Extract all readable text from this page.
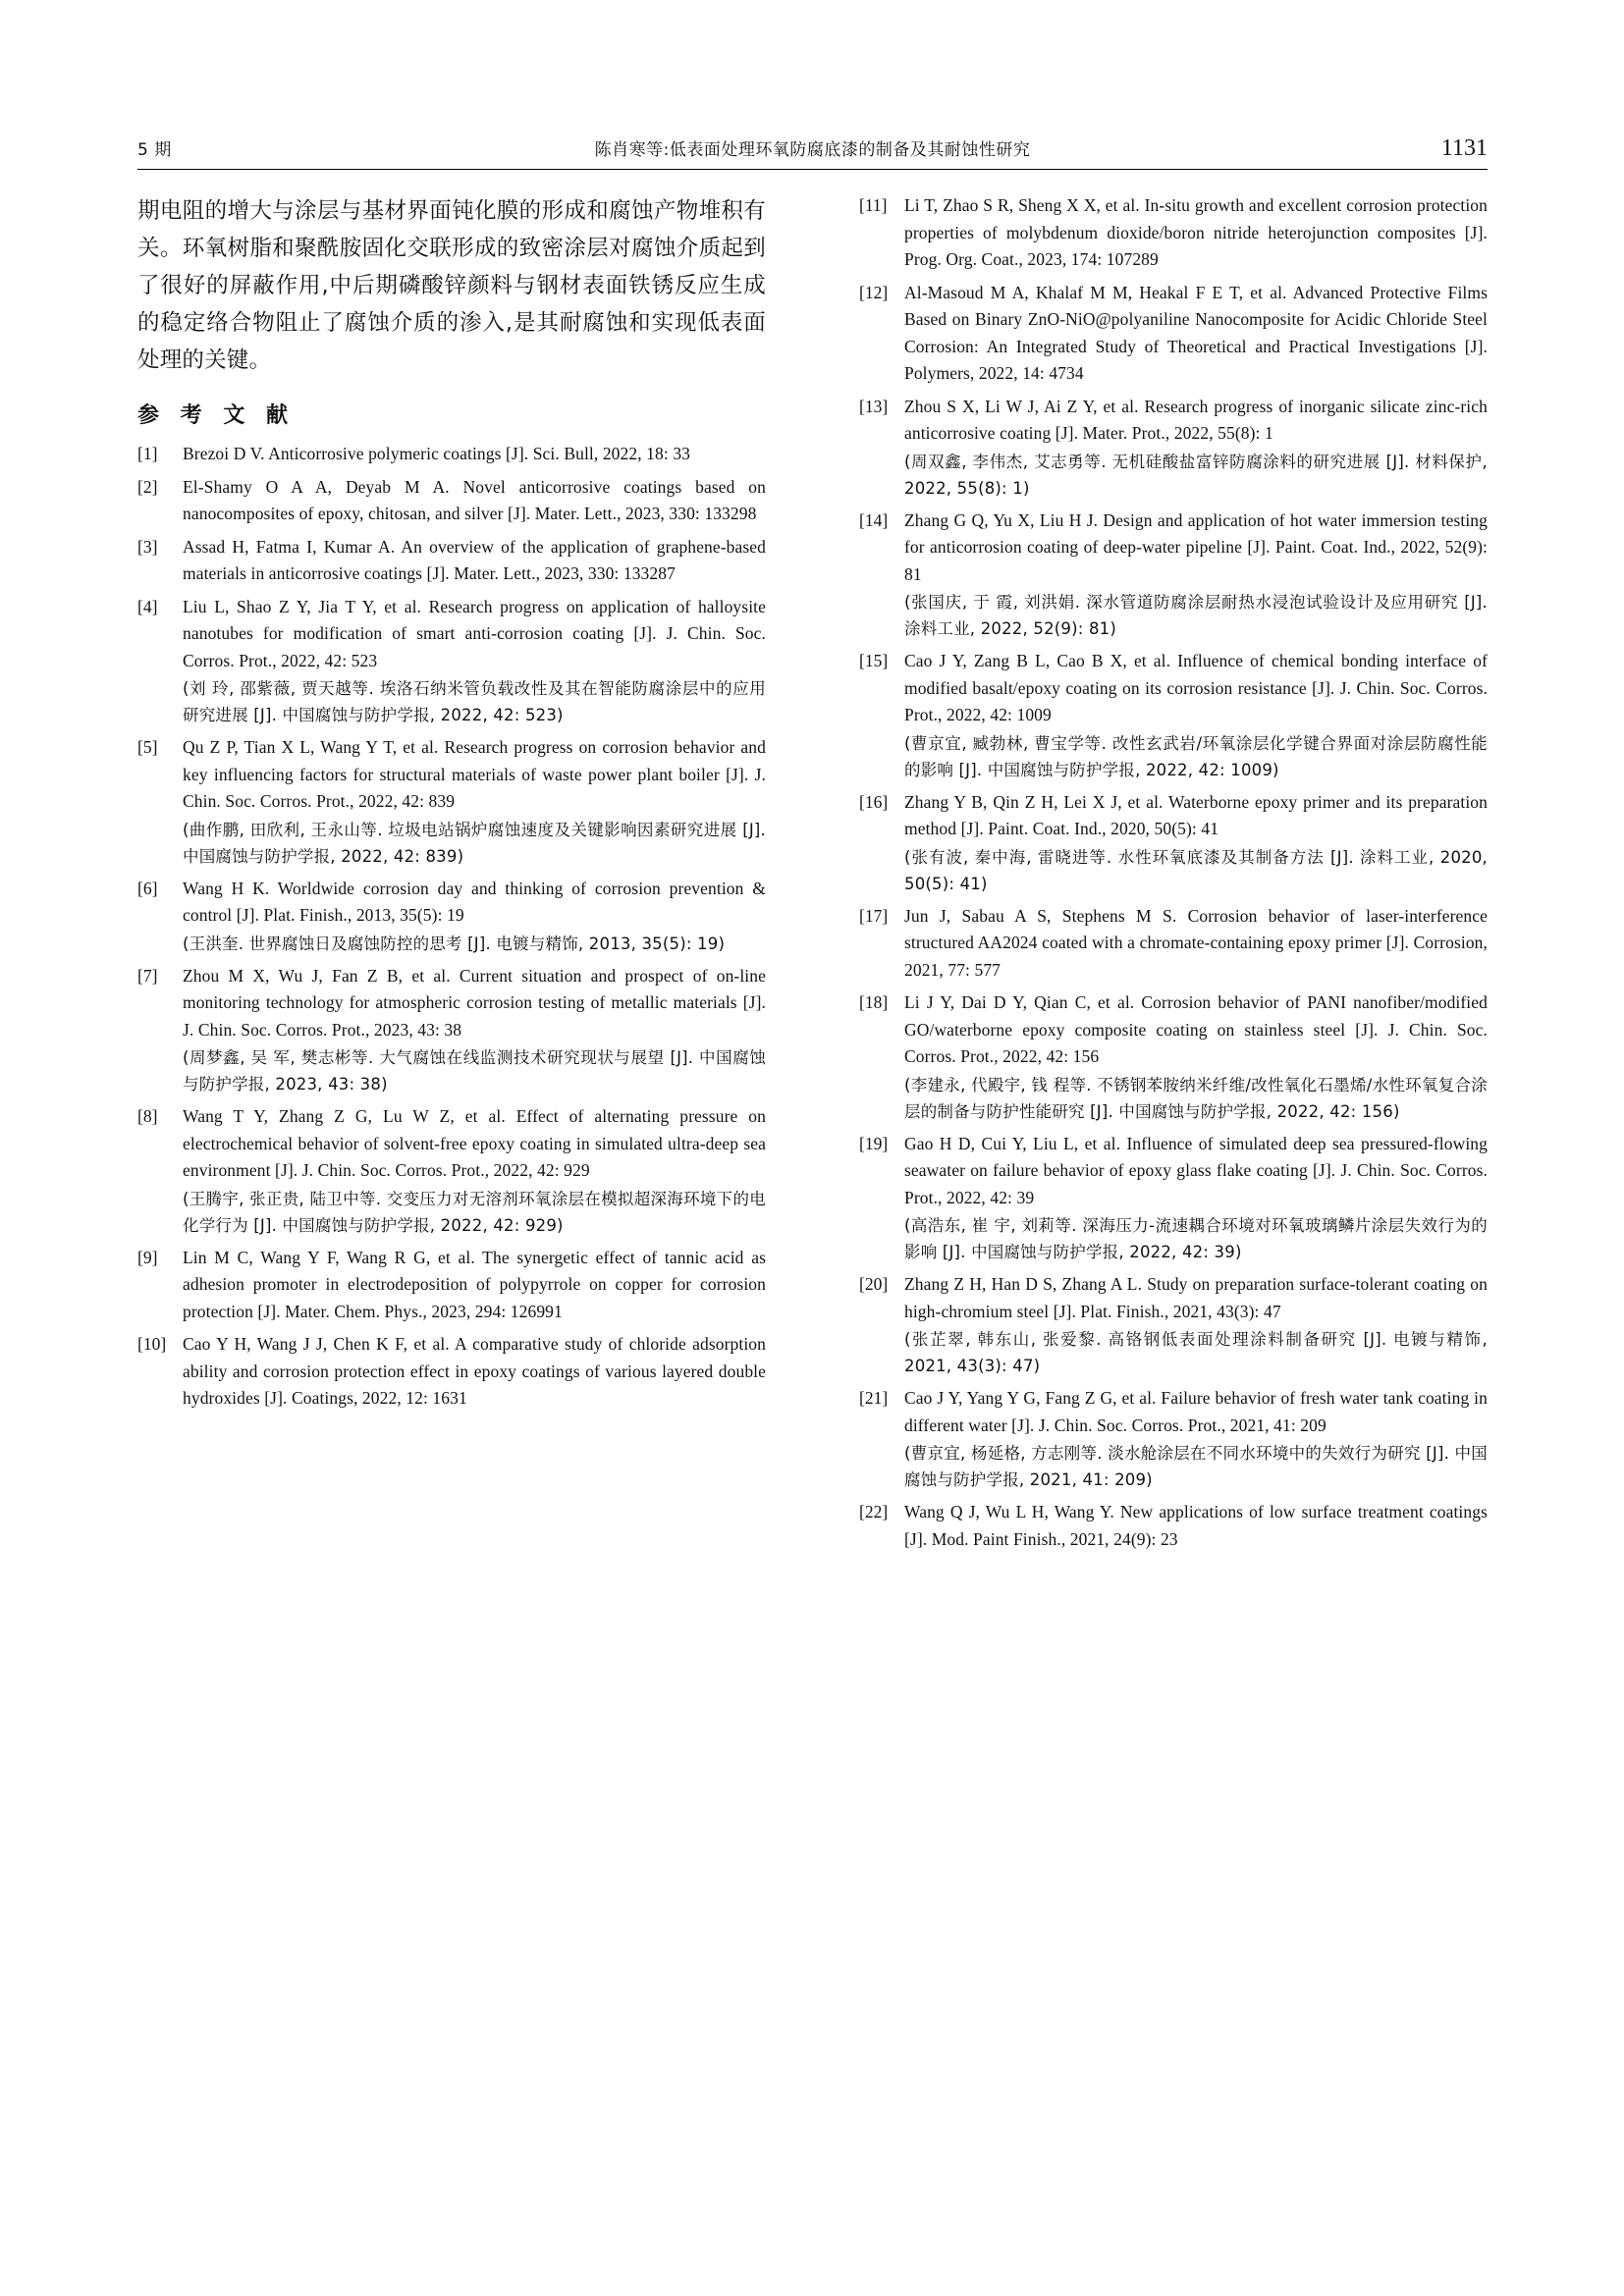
5 期	陈肖寒等:低表面处理环氧防腐底漆的制备及其耐蚀性研究	1131

期电阻的增大与涂层与基材界面钝化膜的形成和腐蚀产物堆积有关。环氧树脂和聚酰胺固化交联形成的致密涂层对腐蚀介质起到了很好的屏蔽作用,中后期磷酸锌颜料与钢材表面铁锈反应生成的稳定络合物阻止了腐蚀介质的渗入,是其耐腐蚀和实现低表面处理的关键。

参 考 文 献
[1]	Brezoi D V. Anticorrosive polymeric coatings [J]. Sci. Bull, 2022, 18: 33
[2]	El-Shamy O A A, Deyab M A. Novel anticorrosive coatings based on nanocomposites of epoxy, chitosan, and silver [J]. Mater. Lett., 2023, 330: 133298
[3]	Assad H, Fatma I, Kumar A. An overview of the application of graphene-based materials in anticorrosive coatings [J]. Mater. Lett., 2023, 330: 133287
[4]	Liu L, Shao Z Y, Jia T Y, et al. Research progress on application of halloysite nanotubes for modification of smart anti-corrosion coating [J]. J. Chin. Soc. Corros. Prot., 2022, 42: 523
(刘 玲, 邵紫薇, 贾天越等. 埃洛石纳米管负载改性及其在智能防腐涂层中的应用研究进展 [J]. 中国腐蚀与防护学报, 2022, 42: 523)
[5]	Qu Z P, Tian X L, Wang Y T, et al. Research progress on corrosion behavior and key influencing factors for structural materials of waste power plant boiler [J]. J. Chin. Soc. Corros. Prot., 2022, 42: 839
(曲作鹏, 田欣利, 王永山等. 垃圾电站锅炉腐蚀速度及关键影响因素研究进展 [J]. 中国腐蚀与防护学报, 2022, 42: 839)
[6]	Wang H K. Worldwide corrosion day and thinking of corrosion prevention & control [J]. Plat. Finish., 2013, 35(5): 19
(王洪奎. 世界腐蚀日及腐蚀防控的思考 [J]. 电镀与精饰, 2013, 35(5): 19)
[7]	Zhou M X, Wu J, Fan Z B, et al. Current situation and prospect of on-line monitoring technology for atmospheric corrosion testing of metallic materials [J]. J. Chin. Soc. Corros. Prot., 2023, 43: 38
(周梦鑫, 吴 军, 樊志彬等. 大气腐蚀在线监测技术研究现状与展望 [J]. 中国腐蚀与防护学报, 2023, 43: 38)
[8]	Wang T Y, Zhang Z G, Lu W Z, et al. Effect of alternating pressure on electrochemical behavior of solvent-free epoxy coating in simulated ultra-deep sea environment [J]. J. Chin. Soc. Corros. Prot., 2022, 42: 929
(王腾宇, 张正贵, 陆卫中等. 交变压力对无溶剂环氧涂层在模拟超深海环境下的电化学行为 [J]. 中国腐蚀与防护学报, 2022, 42: 929)
[9]	Lin M C, Wang Y F, Wang R G, et al. The synergetic effect of tannic acid as adhesion promoter in electrodeposition of polypyrrole on copper for corrosion protection [J]. Mater. Chem. Phys., 2023, 294: 126991
[10] Cao Y H, Wang J J, Chen K F, et al. A comparative study of chloride adsorption ability and corrosion protection effect in epoxy coatings of various layered double hydroxides [J]. Coatings, 2022, 12: 1631
[11] Li T, Zhao S R, Sheng X X, et al. In-situ growth and excellent corrosion protection properties of molybdenum dioxide/boron nitride heterojunction composites [J]. Prog. Org. Coat., 2023, 174: 107289
[12] Al-Masoud M A, Khalaf M M, Heakal F E T, et al. Advanced Protective Films Based on Binary ZnO-NiO@polyaniline Nanocomposite for Acidic Chloride Steel Corrosion: An Integrated Study of Theoretical and Practical Investigations [J]. Polymers, 2022, 14: 4734
[13] Zhou S X, Li W J, Ai Z Y, et al. Research progress of inorganic silicate zinc-rich anticorrosive coating [J]. Mater. Prot., 2022, 55(8): 1
(周双鑫, 李伟杰, 艾志勇等. 无机硅酸盐富锌防腐涂料的研究进展 [J]. 材料保护, 2022, 55(8): 1)
[14] Zhang G Q, Yu X, Liu H J. Design and application of hot water immersion testing for anticorrosion coating of deep-water pipeline [J]. Paint. Coat. Ind., 2022, 52(9): 81
(张国庆, 于 霞, 刘洪娟. 深水管道防腐涂层耐热水浸泡试验设计及应用研究 [J]. 涂料工业, 2022, 52(9): 81)
[15] Cao J Y, Zang B L, Cao B X, et al. Influence of chemical bonding interface of modified basalt/epoxy coating on its corrosion resistance [J]. J. Chin. Soc. Corros. Prot., 2022, 42: 1009
(曹京宜, 臧勃林, 曹宝学等. 改性玄武岩/环氧涂层化学键合界面对涂层防腐性能的影响 [J]. 中国腐蚀与防护学报, 2022, 42: 1009)
[16] Zhang Y B, Qin Z H, Lei X J, et al. Waterborne epoxy primer and its preparation method [J]. Paint. Coat. Ind., 2020, 50(5): 41
(张有波, 秦中海, 雷晓进等. 水性环氧底漆及其制备方法 [J]. 涂料工业, 2020, 50(5): 41)
[17] Jun J, Sabau A S, Stephens M S. Corrosion behavior of laser-interference structured AA2024 coated with a chromate-containing epoxy primer [J]. Corrosion, 2021, 77: 577
[18] Li J Y, Dai D Y, Qian C, et al. Corrosion behavior of PANI nanofiber/modified GO/waterborne epoxy composite coating on stainless steel [J]. J. Chin. Soc. Corros. Prot., 2022, 42: 156
(李建永, 代殿宇, 钱 程等. 不锈钢苯胺纳米纤维/改性氧化石墨烯/水性环氧复合涂层的制备与防护性能研究 [J]. 中国腐蚀与防护学报, 2022, 42: 156)
[19] Gao H D, Cui Y, Liu L, et al. Influence of simulated deep sea pressured-flowing seawater on failure behavior of epoxy glass flake coating [J]. J. Chin. Soc. Corros. Prot., 2022, 42: 39
(高浩东, 崔 宇, 刘莉等. 深海压力-流速耦合环境对环氧玻璃鳞片涂层失效行为的影响 [J]. 中国腐蚀与防护学报, 2022, 42: 39)
[20] Zhang Z H, Han D S, Zhang A L. Study on preparation surface-tolerant coating on high-chromium steel [J]. Plat. Finish., 2021, 43(3): 47
(张芷翠, 韩东山, 张爱黎. 高铬钢低表面处理涂料制备研究 [J]. 电镀与精饰, 2021, 43(3): 47)
[21] Cao J Y, Yang Y G, Fang Z G, et al. Failure behavior of fresh water tank coating in different water [J]. J. Chin. Soc. Corros. Prot., 2021, 41: 209
(曹京宜, 杨延格, 方志刚等. 淡水舱涂层在不同水环境中的失效行为研究 [J]. 中国腐蚀与防护学报, 2021, 41: 209)
[22] Wang Q J, Wu L H, Wang Y. New applications of low surface treatment coatings [J]. Mod. Paint Finish., 2021, 24(9): 23
